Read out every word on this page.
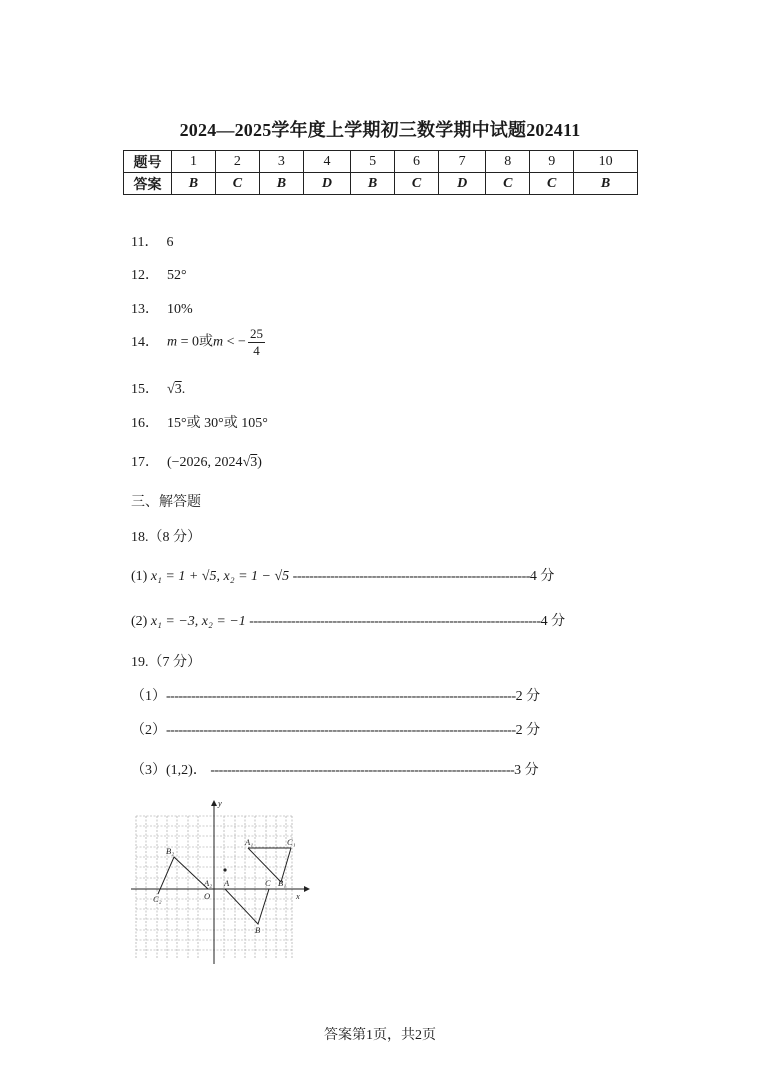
2024—2025学年度上学期初三数学期中试题202411
题号	1	2	3	4	5	6	7	8	9	10
答案	B	C	B	D	B	C	D	C	C	B
11． 6
12． 52°
13． 10%
14． m = 0或m < − $\frac{25}{4}$
15． √3.
16． 15°或 30°或 105°
17． (−2026, 2024√3)
三、解答题
18.（8 分）
(1) x₁ = 1 + √5, x₂ = 1 − √5 ---------------------------------------------------------4 分
(2) x₁ = −3, x₂ = −1 ----------------------------------------------------------------------4 分
19.（7 分）
（1）------------------------------------------------------------------------------------2 分
（2）------------------------------------------------------------------------------------2 分
（3）(1,2)． -------------------------------------------------------------------------3 分
y
x
O
A
A₁
A₂
B
B₁
B₂
C
C₁
C₂
答案第1页，共2页
